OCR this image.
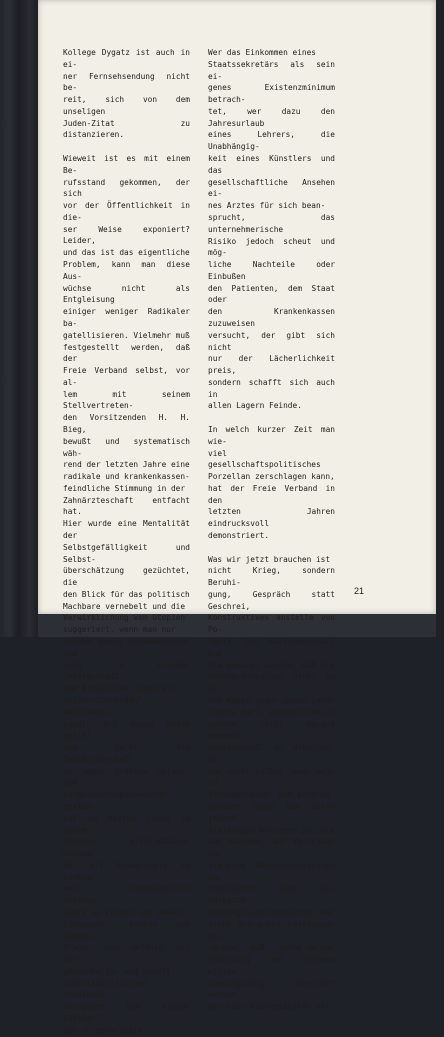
Kollege Dygatz ist auch in ei-
ner Fernsehsendung nicht be-
reit, sich von dem unseligen
Juden-Zitat zu distanzieren.

Wieweit ist es mit einem Be-
rufsstand gekommen, der sich
vor der Öffentlichkeit in die-
ser Weise exponiert? Leider,
und das ist das eigentliche
Problem, kann man diese Aus-
wüchse nicht als Entgleisung
einiger weniger Radikaler ba-
gatellisieren. Vielmehr muß
festgestellt werden, daß der
Freie Verband selbst, vor al-
lem mit seinem Stellvertreten-
den Vorsitzenden H. H. Bieg,
bewußt und systematisch wäh-
rend der letzten Jahre eine
radikale und krankenkassen-
feindliche Stimmung in der
Zahnärzteschaft entfacht hat.
Hier wurde eine Mentalität der
Selbstgefälligkeit und Selbst-
überschätzung gezüchtet, die
den Blick für das politisch
Machbare vernebelt und die
Verwirklichung von Utopien
suggeriert, wenn man nur
stramm genug zusammensteht und
sich in blinder Gefolgschaft
dem Diktat des "zentrali-
stisch-führenden" Vorstandes
beugt. Auf diese Weise geriet
und gerät die Zahnärzteschaft
in immer größere Gefahr, vom
verantwortungsbewußten Heilbe-
ruf im besten Sinne zu einem
Klüngel mittelmäßiger Handwer-
ker mit Krämerseele zu verkom-
men - hauptsächlich interes-
siert an Fragen von Umsatz,
Einkommen, Kosten und Steuer-
fragen, aber unfähig, mit den
gesundheits- und gesell-
schaftspolitischen Problemen
umzugehen und eigene Initiati-
ven zu entwickeln.

Wer das Einkommen eines
Staatssekretärs als sein ei-
genes Existenzminimum betrach-
tet, wer dazu den Jahresurlaub
eines Lehrers, die Unabhängig-
keit eines Künstlers und das
gesellschaftliche Ansehen ei-
nes Arztes für sich bean-
sprucht, das unternehmerische
Risiko jedoch scheut und mög-
liche Nachteile oder Einbußen
den Patienten, dem Staat oder
den Krankenkassen zuzuweisen
versucht, der gibt sich nicht
nur der Lächerlichkeit preis,
sondern schafft sich auch in
allen Lagern Feinde.

In welch kurzer Zeit man wie-
viel gesellschaftspolitisches
Porzellan zerschlagen kann,
hat der Freie Verband in den
letzten Jahren eindrucksvoll
demonstriert.

Was wir jetzt brauchen ist
nicht Krieg, sondern Beruhi-
gung, Gespräch statt Geschrei,
Konstruktives anstelle von Po-
lemik. Der Kollegenschaft muß
klargemacht werden, daß die
Honorardeckelung nicht zu ei-
nem Kampf jeder gegen jeden
führen darf, sondern daß es
gerade jetzt darauf ankommt,
kostenbewußt zu arbeiten, um
uns nicht selbst immer mehr zu
strangulieren. Den größten
Schaden fügen uns allen jedoch
diejenigen Kollegen zu, die
das anonyme, auf Vertrauen ba-
sierende Abrechnungssystem ma-
nipulieren und als Selbstbe-
dienungsladen benützen. Wer
nicht erbrachte Leistungen ab-
rechnet, muß - schon um der
Erhaltung des Systems willen -
unnachgiebig bestraft werden.
Wer hier Kollegialität mit

21
